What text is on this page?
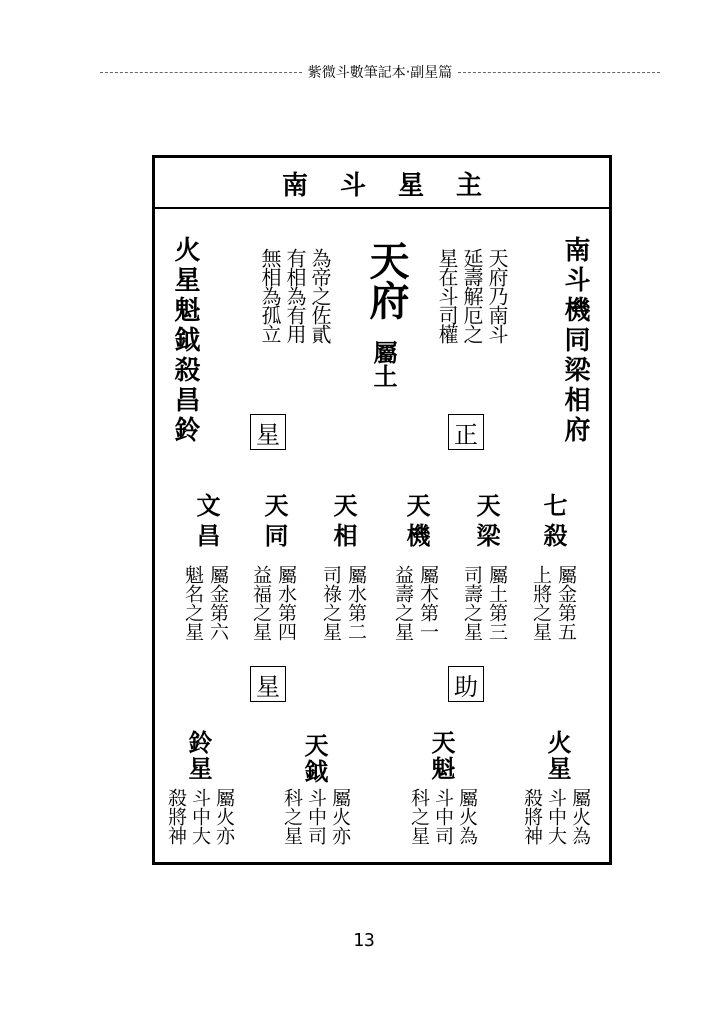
紫微斗數筆記本‧副星篇
南斗星主
南斗機同梁相府
火星魁鉞殺昌鈴	天府乃南斗
延壽解厄之
星在斗司權
天府
屬土
為帝之佐貳
有相為有用
無相為孤立
正
星
七殺
屬金第五
上將之星
天梁
屬土第三
司壽之星
天機
屬木第一
益壽之星
天相
屬水第二
司祿之星
天同
屬水第四
益福之星
文昌
屬金第六
魁名之星
助
星
火星
屬火為
斗中大
殺將神
天魁
屬火為
斗中司
科之星
天鉞
屬火亦
斗中司
科之星
鈴星
屬火亦
斗中大
殺將神
13
